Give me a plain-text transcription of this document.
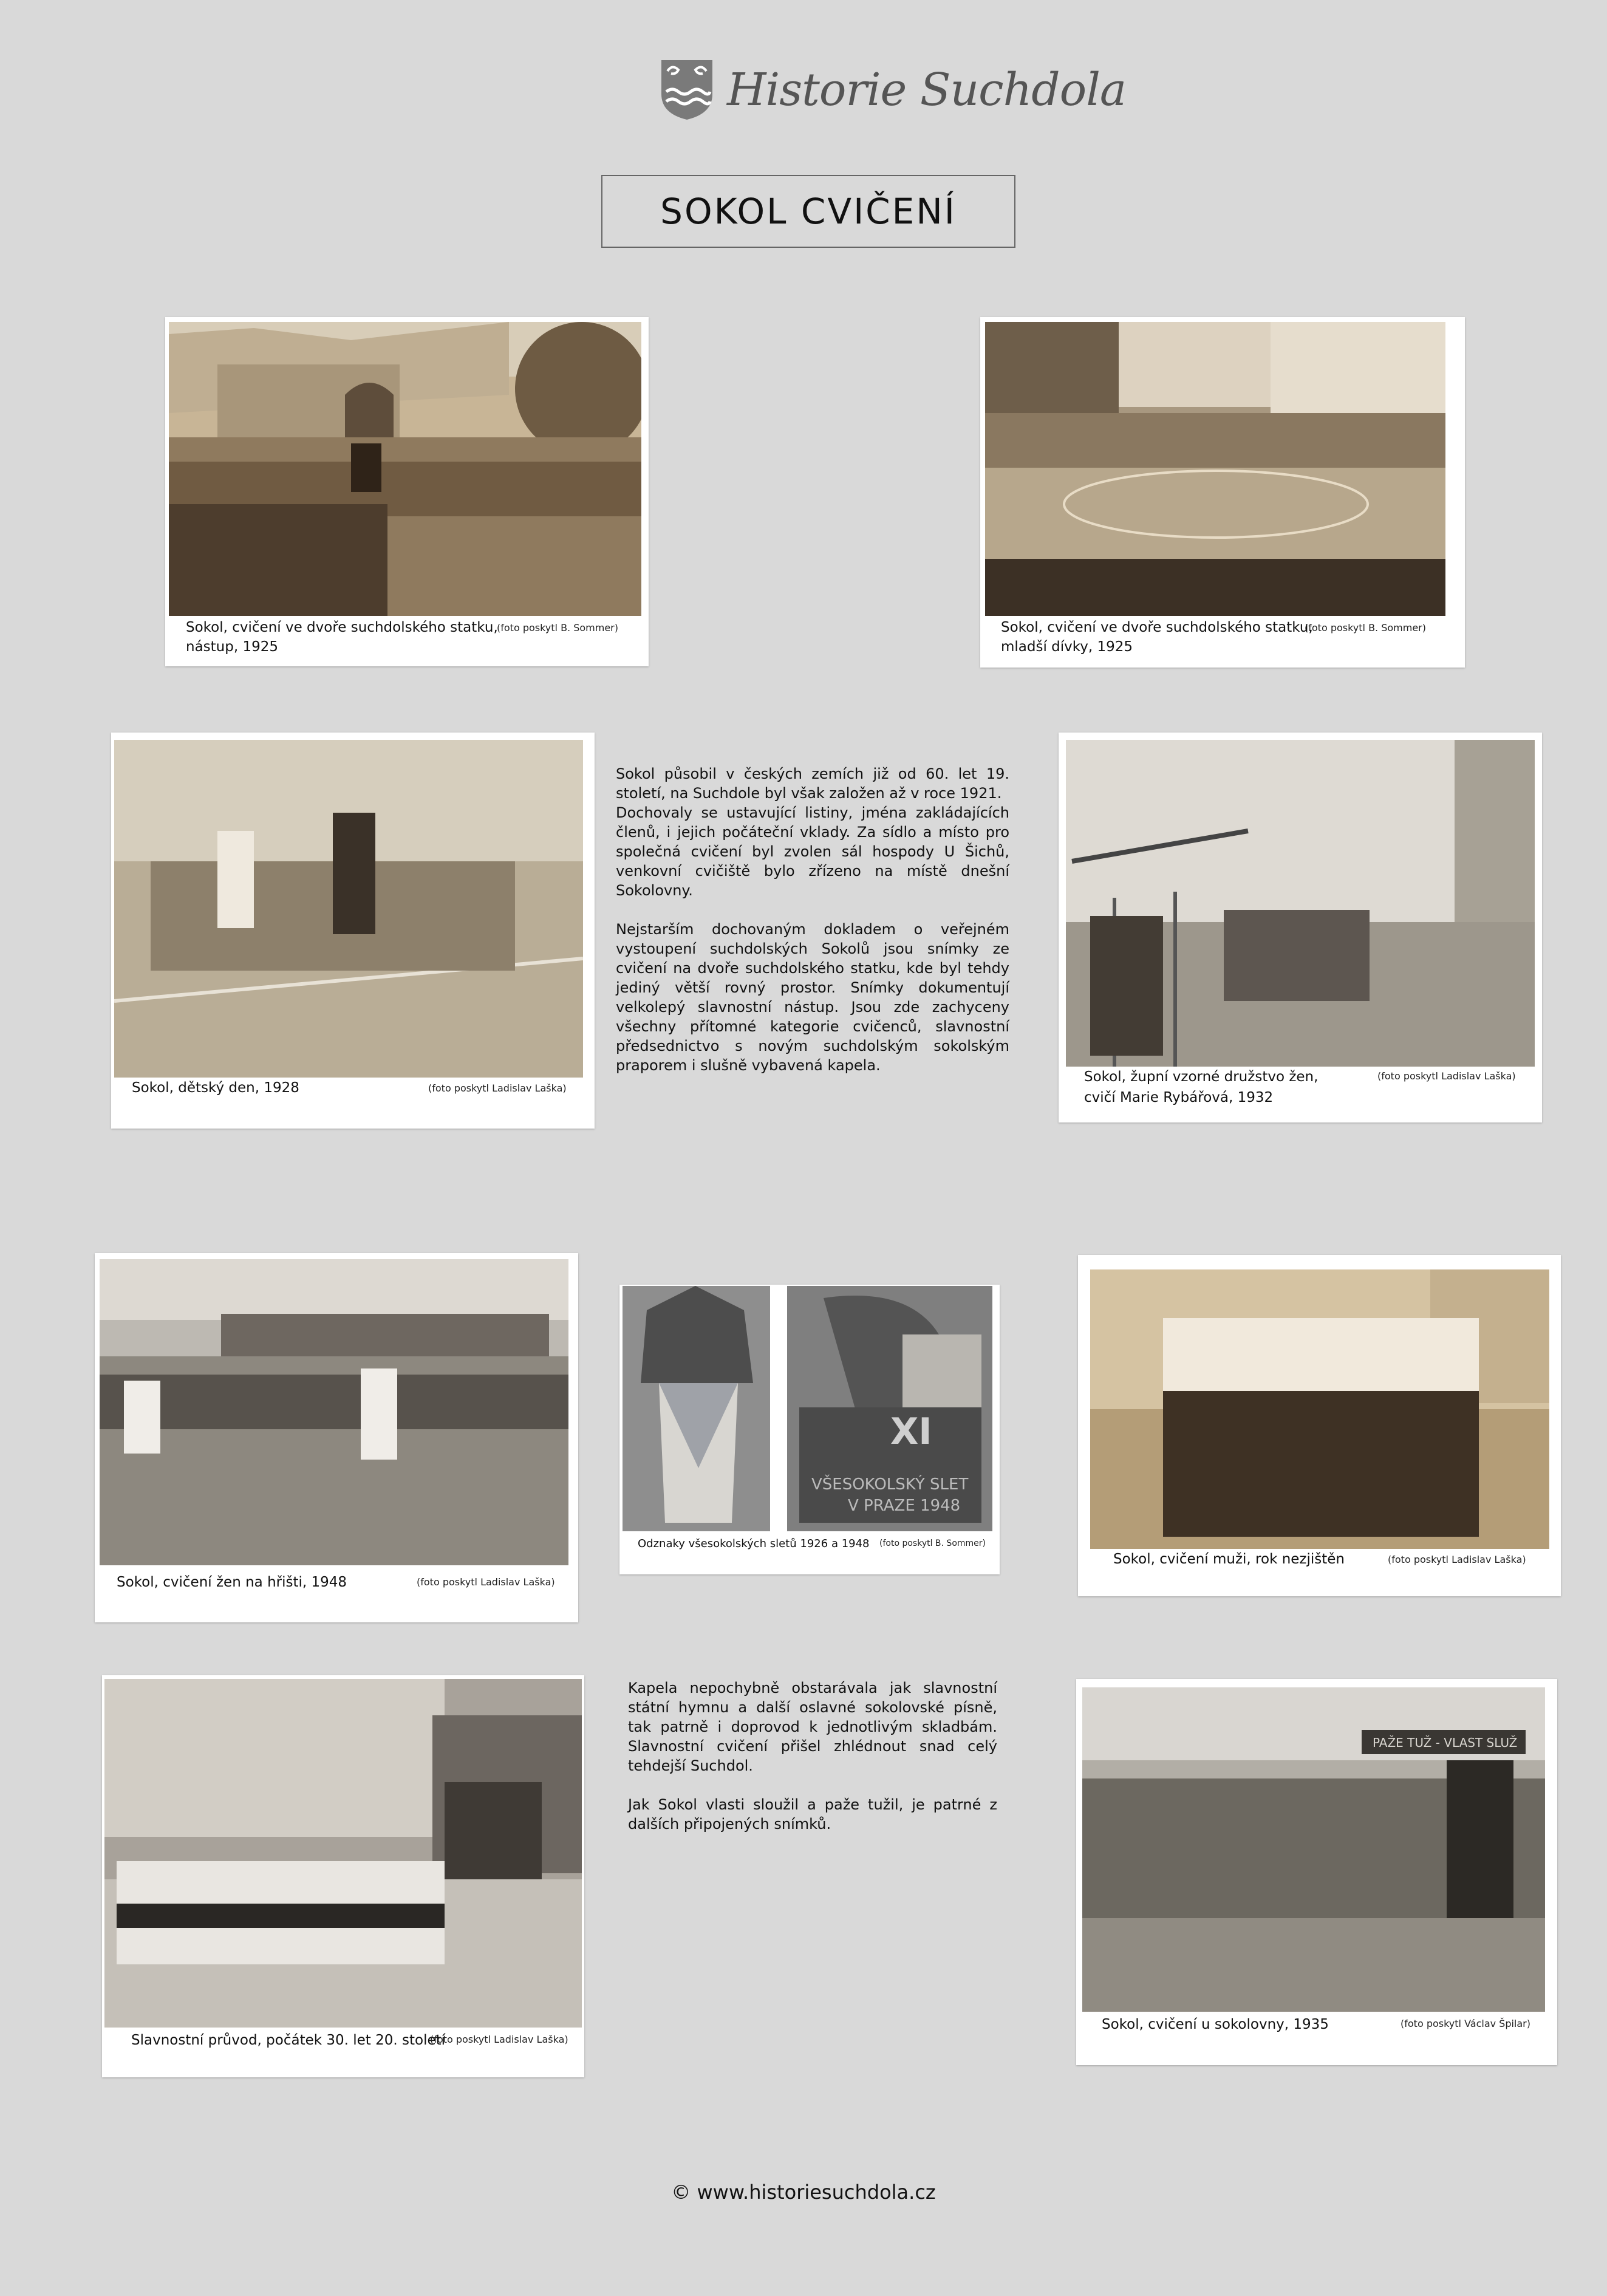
Historie Suchdola
SOKOL CVIČENÍ
Sokol, cvičení ve dvoře suchdolského statku,
nástup, 1925
(foto poskytl B. Sommer)	Sokol, cvičení ve dvoře suchdolského statku,
mladší dívky, 1925
(foto poskytl B. Sommer)
Sokol, dětský den, 1928	(foto poskytl Ladislav Laška)
Sokol působil v českých zemích již od 60. let 19. století, na Suchdole byl však založen až v roce 1921.

Dochovaly se ustavující listiny, jména zakládajících členů, i jejich počáteční vklady. Za sídlo a místo pro společná cvičení byl zvolen sál hospody U Šichů, venkovní cvičiště bylo zřízeno na místě dnešní Sokolovny.

Nejstarším dochovaným dokladem o veřejném vystoupení suchdolských Sokolů jsou snímky ze cvičení na dvoře suchdolského statku, kde byl tehdy jediný větší rovný prostor. Snímky dokumentují velkolepý slavnostní nástup. Jsou zde zachyceny všechny přítomné kategorie cvičenců, slavnostní předsednictvo s novým suchdolským sokolským praporem i slušně vybavená kapela.

Sokol, župní vzorné družstvo žen,
cvičí Marie Rybářová, 1932
(foto poskytl Ladislav Laška)
Sokol, cvičení žen na hřišti, 1948	(foto poskytl Ladislav Laška)
XI
VŠESOKOLSKÝ SLET
V PRAZE 1948
Odznaky všesokolských sletů 1926 a 1948 (foto poskytl B. Sommer)
Sokol, cvičení muži, rok nezjištěn	(foto poskytl Ladislav Laška)
Slavnostní průvod, počátek 30. let 20. století
(foto poskytl Ladislav Laška)

Kapela nepochybně obstarávala jak slavnostní státní hymnu a další oslavné sokolovské písně, tak patrně i doprovod k jednotlivým skladbám. Slavnostní cvičení přišel zhlédnout snad celý tehdejší Suchdol.

Jak Sokol vlasti sloužil a paže tužil, je patrné z dalších připojených snímků.

PAŽE TUŽ - VLAST SLUŽ
Sokol, cvičení u sokolovny, 1935	(foto poskytl Václav Špilar)
© www.historiesuchdola.cz
